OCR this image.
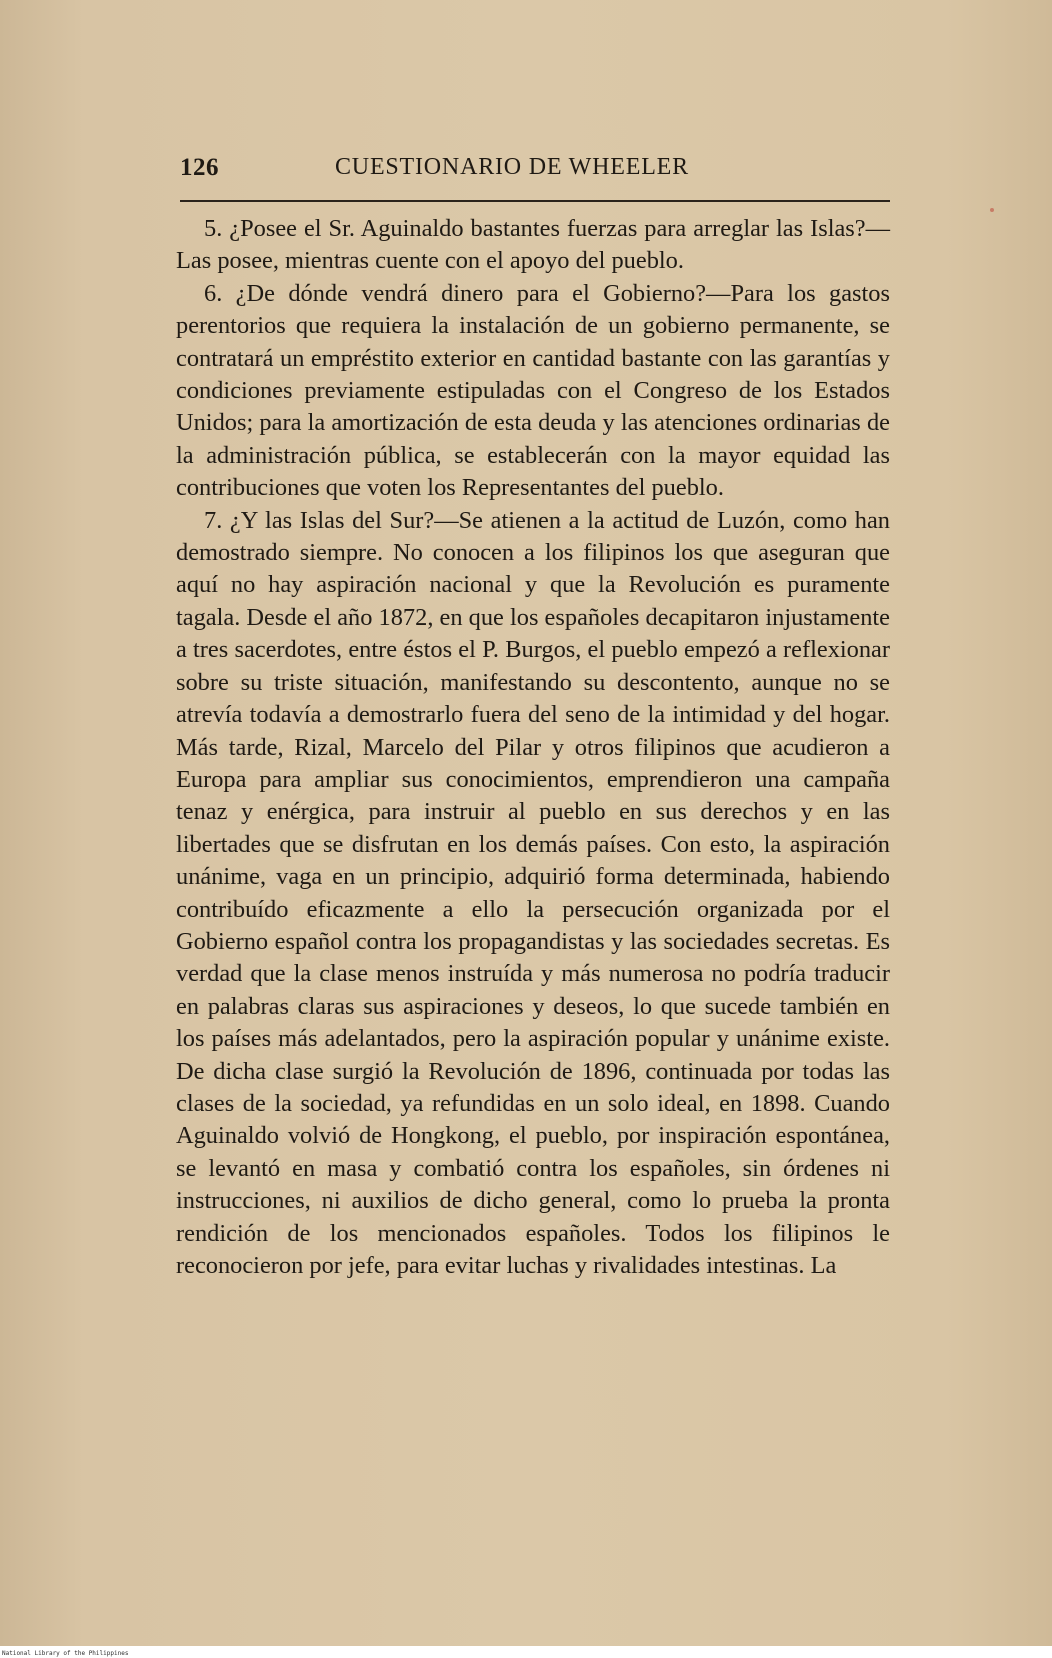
126	CUESTIONARIO DE WHEELER

5. ¿Posee el Sr. Aguinaldo bastantes fuerzas para arreglar las Islas?—Las posee, mientras cuente con el apoyo del pueblo.

6. ¿De dónde vendrá dinero para el Gobierno?—Para los gastos perentorios que requiera la instalación de un gobierno permanente, se contratará un empréstito exterior en cantidad bastante con las garantías y condiciones previamente estipuladas con el Congreso de los Estados Unidos; para la amortización de esta deuda y las atenciones ordinarias de la administración pública, se establecerán con la mayor equidad las contribuciones que voten los Representantes del pueblo.

7. ¿Y las Islas del Sur?—Se atienen a la actitud de Luzón, como han demostrado siempre. No conocen a los filipinos los que aseguran que aquí no hay aspiración nacional y que la Revolución es puramente tagala. Desde el año 1872, en que los españoles decapitaron injustamente a tres sacerdotes, entre éstos el P. Burgos, el pueblo empezó a reflexionar sobre su triste situación, manifestando su descontento, aunque no se atrevía todavía a demostrarlo fuera del seno de la intimidad y del hogar. Más tarde, Rizal, Marcelo del Pilar y otros filipinos que acudieron a Europa para ampliar sus conocimientos, emprendieron una campaña tenaz y enérgica, para instruir al pueblo en sus derechos y en las libertades que se disfrutan en los demás países. Con esto, la aspiración unánime, vaga en un principio, adquirió forma determinada, habiendo contribuído eficazmente a ello la persecución organizada por el Gobierno español contra los propagandistas y las sociedades secretas. Es verdad que la clase menos instruída y más numerosa no podría traducir en palabras claras sus aspiraciones y deseos, lo que sucede también en los países más adelantados, pero la aspiración popular y unánime existe. De dicha clase surgió la Revolución de 1896, continuada por todas las clases de la sociedad, ya refundidas en un solo ideal, en 1898. Cuando Aguinaldo volvió de Hongkong, el pueblo, por inspiración espontánea, se levantó en masa y combatió contra los españoles, sin órdenes ni instrucciones, ni auxilios de dicho general, como lo prueba la pronta rendición de los mencionados españoles. Todos los filipinos le reconocieron por jefe, para evitar luchas y rivalidades intestinas. La

National Library of the Philippines
